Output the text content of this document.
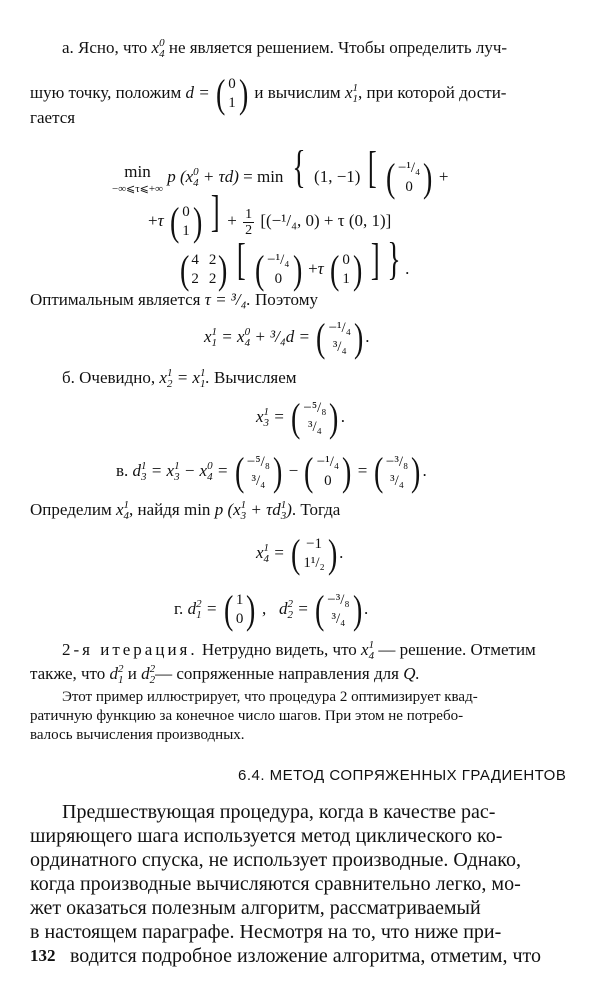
а. Ясно, что x 0
4 не является решением. Чтобы определить луч-
шую точку, положим d = ( 0
1 ) и вычислим x 1
1 , при которой дости-
гается
min
−∞⩽τ⩽+∞
p (x 0
4 + τd) = min { (1, −1) [ ( −¹/₄
0 ) +
+τ ( 0
1 ) ] + $\frac{1}{2} [(-^1/_4$, 0) + τ (0, 1)]
( 4 2
2 2 ) [ ( −¹/₄
0 ) +τ ( 0
1 ) ] } .
Оптимальным является τ = ³/₄. Поэтому
x 1
1 = x 0
4 + ³/₄d = ( −¹/₄
³/₄ ) .
б. Очевидно, x 1
2 = x 1
1 . Вычисляем
x 1
3 = ( −⁵/₈
³/₄ ) .
в. d 1
3 = x 1
3 − x 0
4 = ( −⁵/₈
³/₄ ) − ( −¹/₄
0 ) = ( −³/₈
³/₄ ) .
Определим x 1
4 , найдя min p (x 1
3 + τd 1
3 ). Тогда
x 1
4 = ( −1
1¹/₂ ) .
г. d 2
1 = ( 1
0 ) ,   d 2
2 = ( −³/₈
³/₄ ) .
2-я итерация. Нетрудно видеть, что x 1
4 — решение. Отметим
также, что d 2
1 и d 2
2 — сопряженные направления для Q.
Этот пример иллюстрирует, что процедура 2 оптимизирует квад-
ратичную функцию за конечное число шагов. При этом не потребо-
валось вычисления производных.
6.4. МЕТОД СОПРЯЖЕННЫХ ГРАДИЕНТОВ
Предшествующая процедура, когда в качестве рас-
ширяющего шага используется метод циклического ко-
ординатного спуска, не использует производные. Однако,
когда производные вычисляются сравнительно легко, мо-
жет оказаться полезным алгоритм, рассматриваемый
в настоящем параграфе. Несмотря на то, что ниже при-
водится подробное изложение алгоритма, отметим, что
132
